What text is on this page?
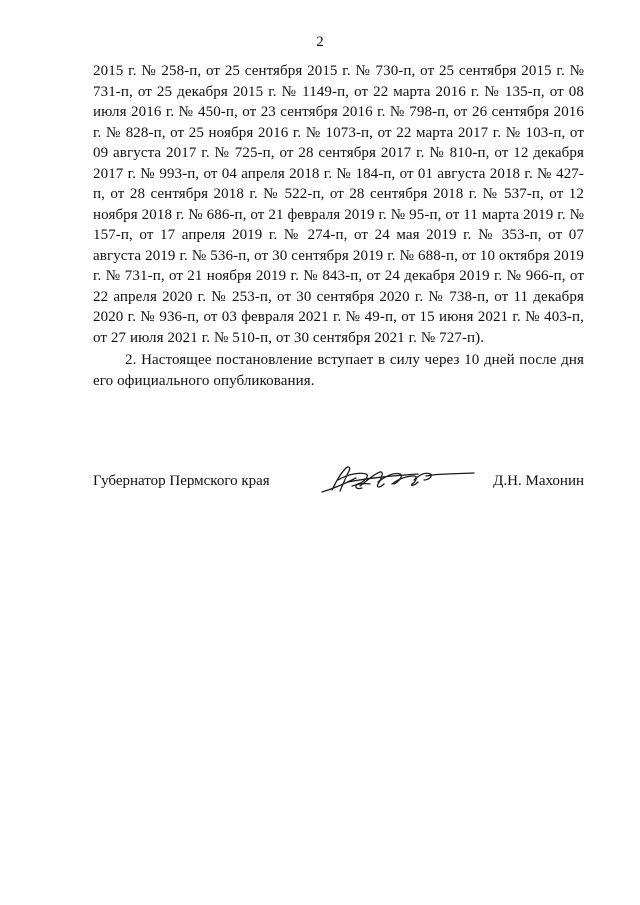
2

2015 г. № 258-п, от 25 сентября 2015 г. № 730-п, от 25 сентября 2015 г. № 731-п, от 25 декабря 2015 г. № 1149-п, от 22 марта 2016 г. № 135-п, от 08 июля 2016 г. № 450-п, от 23 сентября 2016 г. № 798-п, от 26 сентября 2016 г. № 828-п, от 25 ноября 2016 г. № 1073-п, от 22 марта 2017 г. № 103-п, от 09 августа 2017 г. № 725-п, от 28 сентября 2017 г. № 810-п, от 12 декабря 2017 г. № 993-п, от 04 апреля 2018 г. № 184-п, от 01 августа 2018 г. № 427-п, от 28 сентября 2018 г. № 522-п, от 28 сентября 2018 г. № 537-п, от 12 ноября 2018 г. № 686-п, от 21 февраля 2019 г. № 95-п, от 11 марта 2019 г. № 157-п, от 17 апреля 2019 г. № 274-п, от 24 мая 2019 г. № 353-п, от 07 августа 2019 г. № 536-п, от 30 сентября 2019 г. № 688-п, от 10 октября 2019 г. № 731-п, от 21 ноября 2019 г. № 843-п, от 24 декабря 2019 г. № 966-п, от 22 апреля 2020 г. № 253-п, от 30 сентября 2020 г. № 738-п, от 11 декабря 2020 г. № 936-п, от 03 февраля 2021 г. № 49-п, от 15 июня 2021 г. № 403-п, от 27 июля 2021 г. № 510-п, от 30 сентября 2021 г. № 727-п).

2. Настоящее постановление вступает в силу через 10 дней после дня его официального опубликования.

Губернатор Пермского края	Д.Н. Махонин
